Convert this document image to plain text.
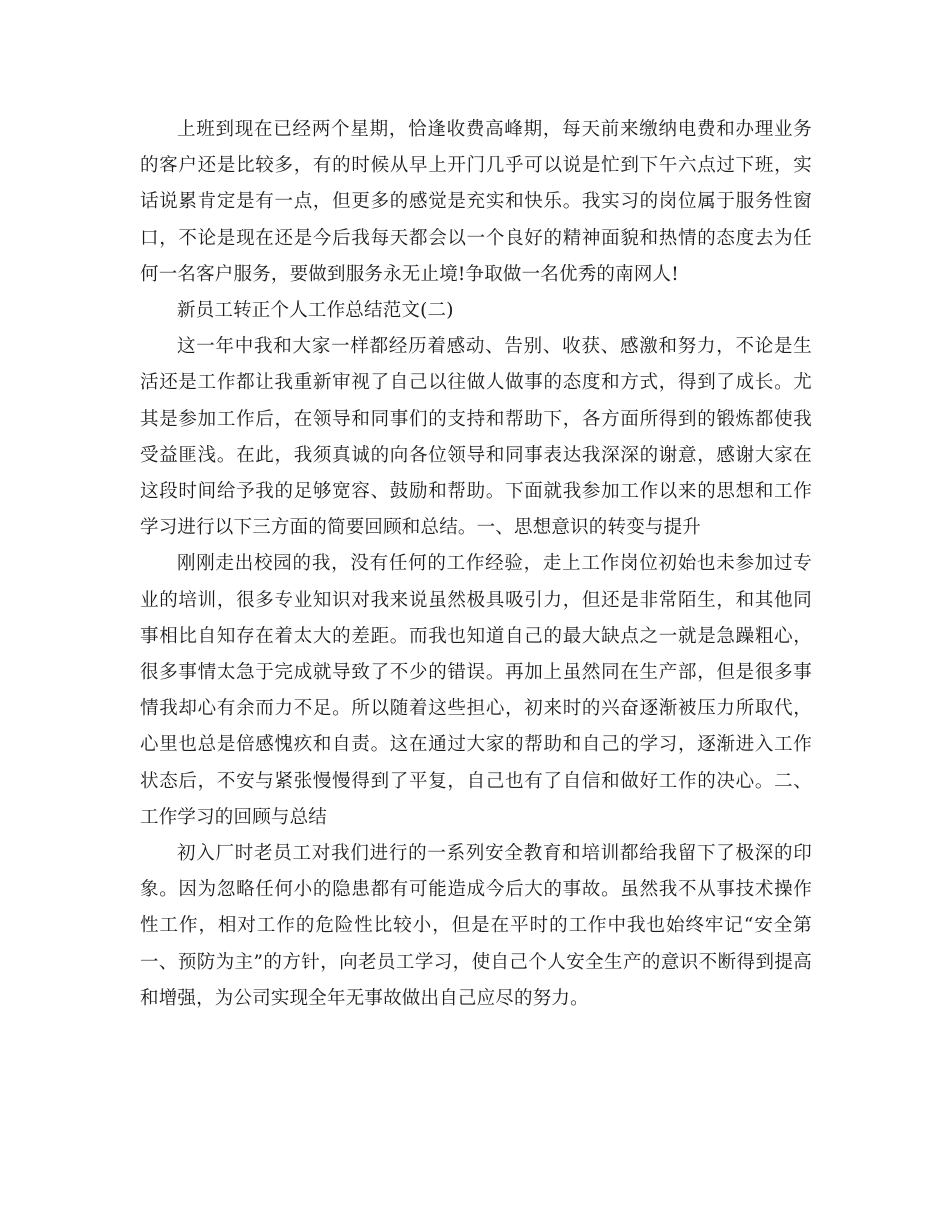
上班到现在已经两个星期，恰逢收费高峰期，每天前来缴纳电费和办理业务的客户还是比较多，有的时候从早上开门几乎可以说是忙到下午六点过下班，实话说累肯定是有一点，但更多的感觉是充实和快乐。我实习的岗位属于服务性窗口，不论是现在还是今后我每天都会以一个良好的精神面貌和热情的态度去为任何一名客户服务，要做到服务永无止境!争取做一名优秀的南网人!

新员工转正个人工作总结范文(二)

这一年中我和大家一样都经历着感动、告别、收获、感激和努力，不论是生活还是工作都让我重新审视了自己以往做人做事的态度和方式，得到了成长。尤其是参加工作后，在领导和同事们的支持和帮助下，各方面所得到的锻炼都使我受益匪浅。在此，我须真诚的向各位领导和同事表达我深深的谢意，感谢大家在这段时间给予我的足够宽容、鼓励和帮助。下面就我参加工作以来的思想和工作学习进行以下三方面的简要回顾和总结。一、思想意识的转变与提升

刚刚走出校园的我，没有任何的工作经验，走上工作岗位初始也未参加过专业的培训，很多专业知识对我来说虽然极具吸引力，但还是非常陌生，和其他同事相比自知存在着太大的差距。而我也知道自己的最大缺点之一就是急躁粗心，很多事情太急于完成就导致了不少的错误。再加上虽然同在生产部，但是很多事情我却心有余而力不足。所以随着这些担心，初来时的兴奋逐渐被压力所取代，心里也总是倍感愧疚和自责。这在通过大家的帮助和自己的学习，逐渐进入工作状态后，不安与紧张慢慢得到了平复，自己也有了自信和做好工作的决心。二、工作学习的回顾与总结

初入厂时老员工对我们进行的一系列安全教育和培训都给我留下了极深的印象。因为忽略任何小的隐患都有可能造成今后大的事故。虽然我不从事技术操作性工作，相对工作的危险性比较小，但是在平时的工作中我也始终牢记“安全第一、预防为主”的方针，向老员工学习，使自己个人安全生产的意识不断得到提高和增强，为公司实现全年无事故做出自己应尽的努力。
